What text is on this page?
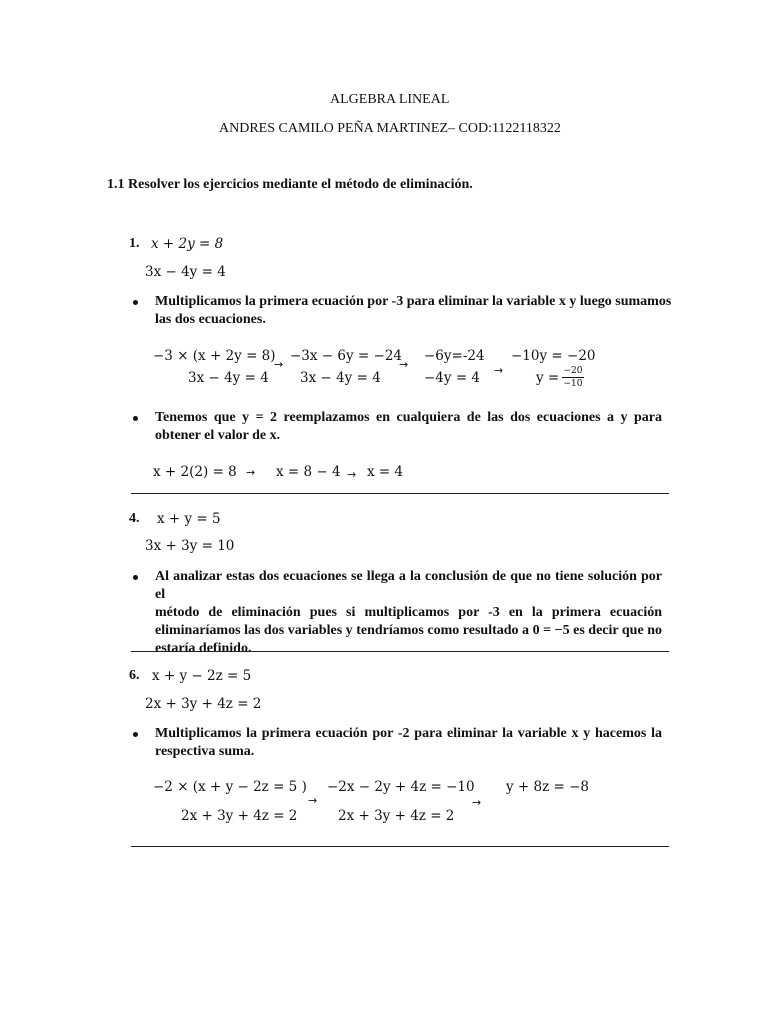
ALGEBRA LINEAL
ANDRES CAMILO PEÑA MARTINEZ– COD:1122118322
1.1 Resolver los ejercicios mediante el método de eliminación.
1. x + 2y = 8
3x − 4y = 4
Multiplicamos la primera ecuación por -3 para eliminar la variable x y luego sumamos
las dos ecuaciones.
−3 × (x + 2y = 8)
3x − 4y = 4
→
−3x − 6y = −24
3x − 4y = 4
→
−6y=-24
−4y = 4 →
−10y = −20
y = −20
−10
Tenemos que y = 2 reemplazamos en cualquiera de las dos ecuaciones a y para
obtener el valor de x.
x + 2(2) = 8 → x = 8 − 4 → x = 4
4. x + y = 5
3x + 3y = 10
Al analizar estas dos ecuaciones se llega a la conclusión de que no tiene solución por el
método de eliminación pues si multiplicamos por -3 en la primera ecuación
eliminaríamos las dos variables y tendríamos como resultado a 0 = −5 es decir que no
estaría definido.
6. x + y − 2z = 5
2x + 3y + 4z = 2
Multiplicamos la primera ecuación por -2 para eliminar la variable x y hacemos la
respectiva suma.
−2 × (x + y − 2z = 5 )
2x + 3y + 4z = 2
→
−2x − 2y + 4z = −10
2x + 3y + 4z = 2
→
y + 8z = −8
